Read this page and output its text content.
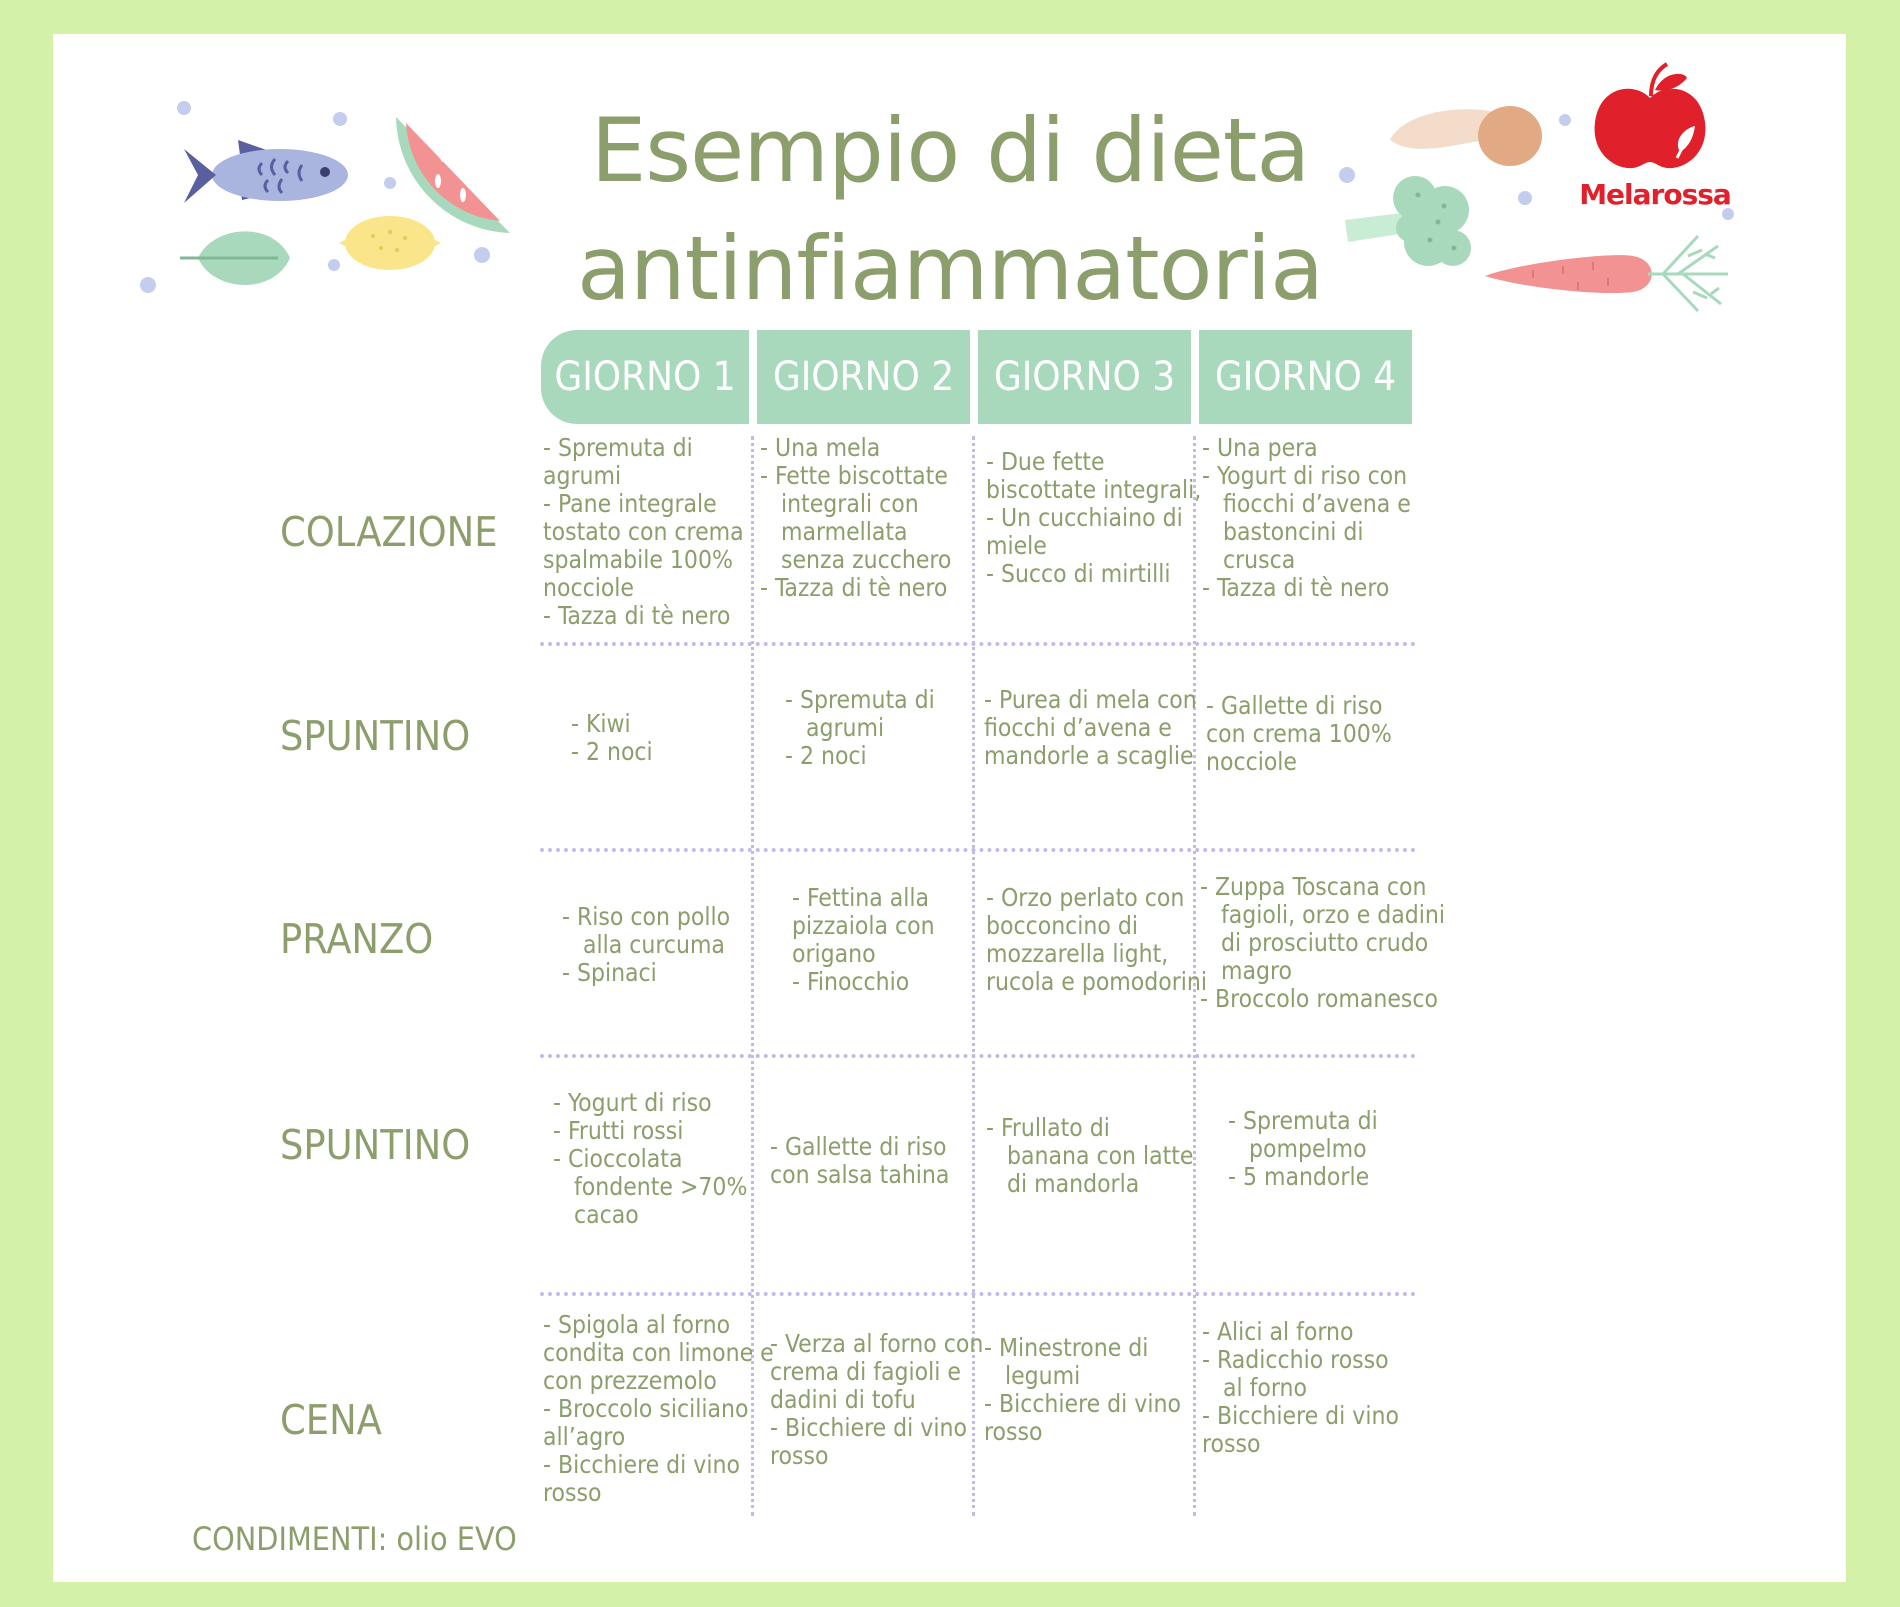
Melarossa
Esempio di dieta
antinfiammatoria
GIORNO 1 GIORNO 2 GIORNO 3 GIORNO 4
COLAZIONE
SPUNTINO
PRANZO
SPUNTINO
CENA
- Spremuta di
agrumi
- Pane integrale
tostato con crema
spalmabile 100%
nocciole
- Tazza di tè nero
- Una mela
- Fette biscottate
integrali con
marmellata
senza zucchero
- Tazza di tè nero
- Due fette
biscottate integrali,
- Un cucchiaino di
miele
- Succo di mirtilli
- Una pera
- Yogurt di riso con
fiocchi d’avena e
bastoncini di
crusca
- Tazza di tè nero
- Kiwi
- 2 noci
- Spremuta di
agrumi
- 2 noci
- Purea di mela con
fiocchi d’avena e
mandorle a scaglie
- Gallette di riso
con crema 100%
nocciole
- Riso con pollo
alla curcuma
- Spinaci
- Fettina alla
pizzaiola con
origano
- Finocchio
- Orzo perlato con
bocconcino di
mozzarella light,
rucola e pomodorini
- Zuppa Toscana con
fagioli, orzo e dadini
di prosciutto crudo
magro
- Broccolo romanesco
- Yogurt di riso
- Frutti rossi
- Cioccolata
fondente >70%
cacao
- Gallette di riso
con salsa tahina
- Frullato di
banana con latte
di mandorla
- Spremuta di
pompelmo
- 5 mandorle
- Spigola al forno
condita con limone e
con prezzemolo
- Broccolo siciliano
all’agro
- Bicchiere di vino
rosso
- Verza al forno con
crema di fagioli e
dadini di tofu
- Bicchiere di vino
rosso
- Minestrone di
legumi
- Bicchiere di vino
rosso
- Alici al forno
- Radicchio rosso
al forno
- Bicchiere di vino
rosso
CONDIMENTI: olio EVO
